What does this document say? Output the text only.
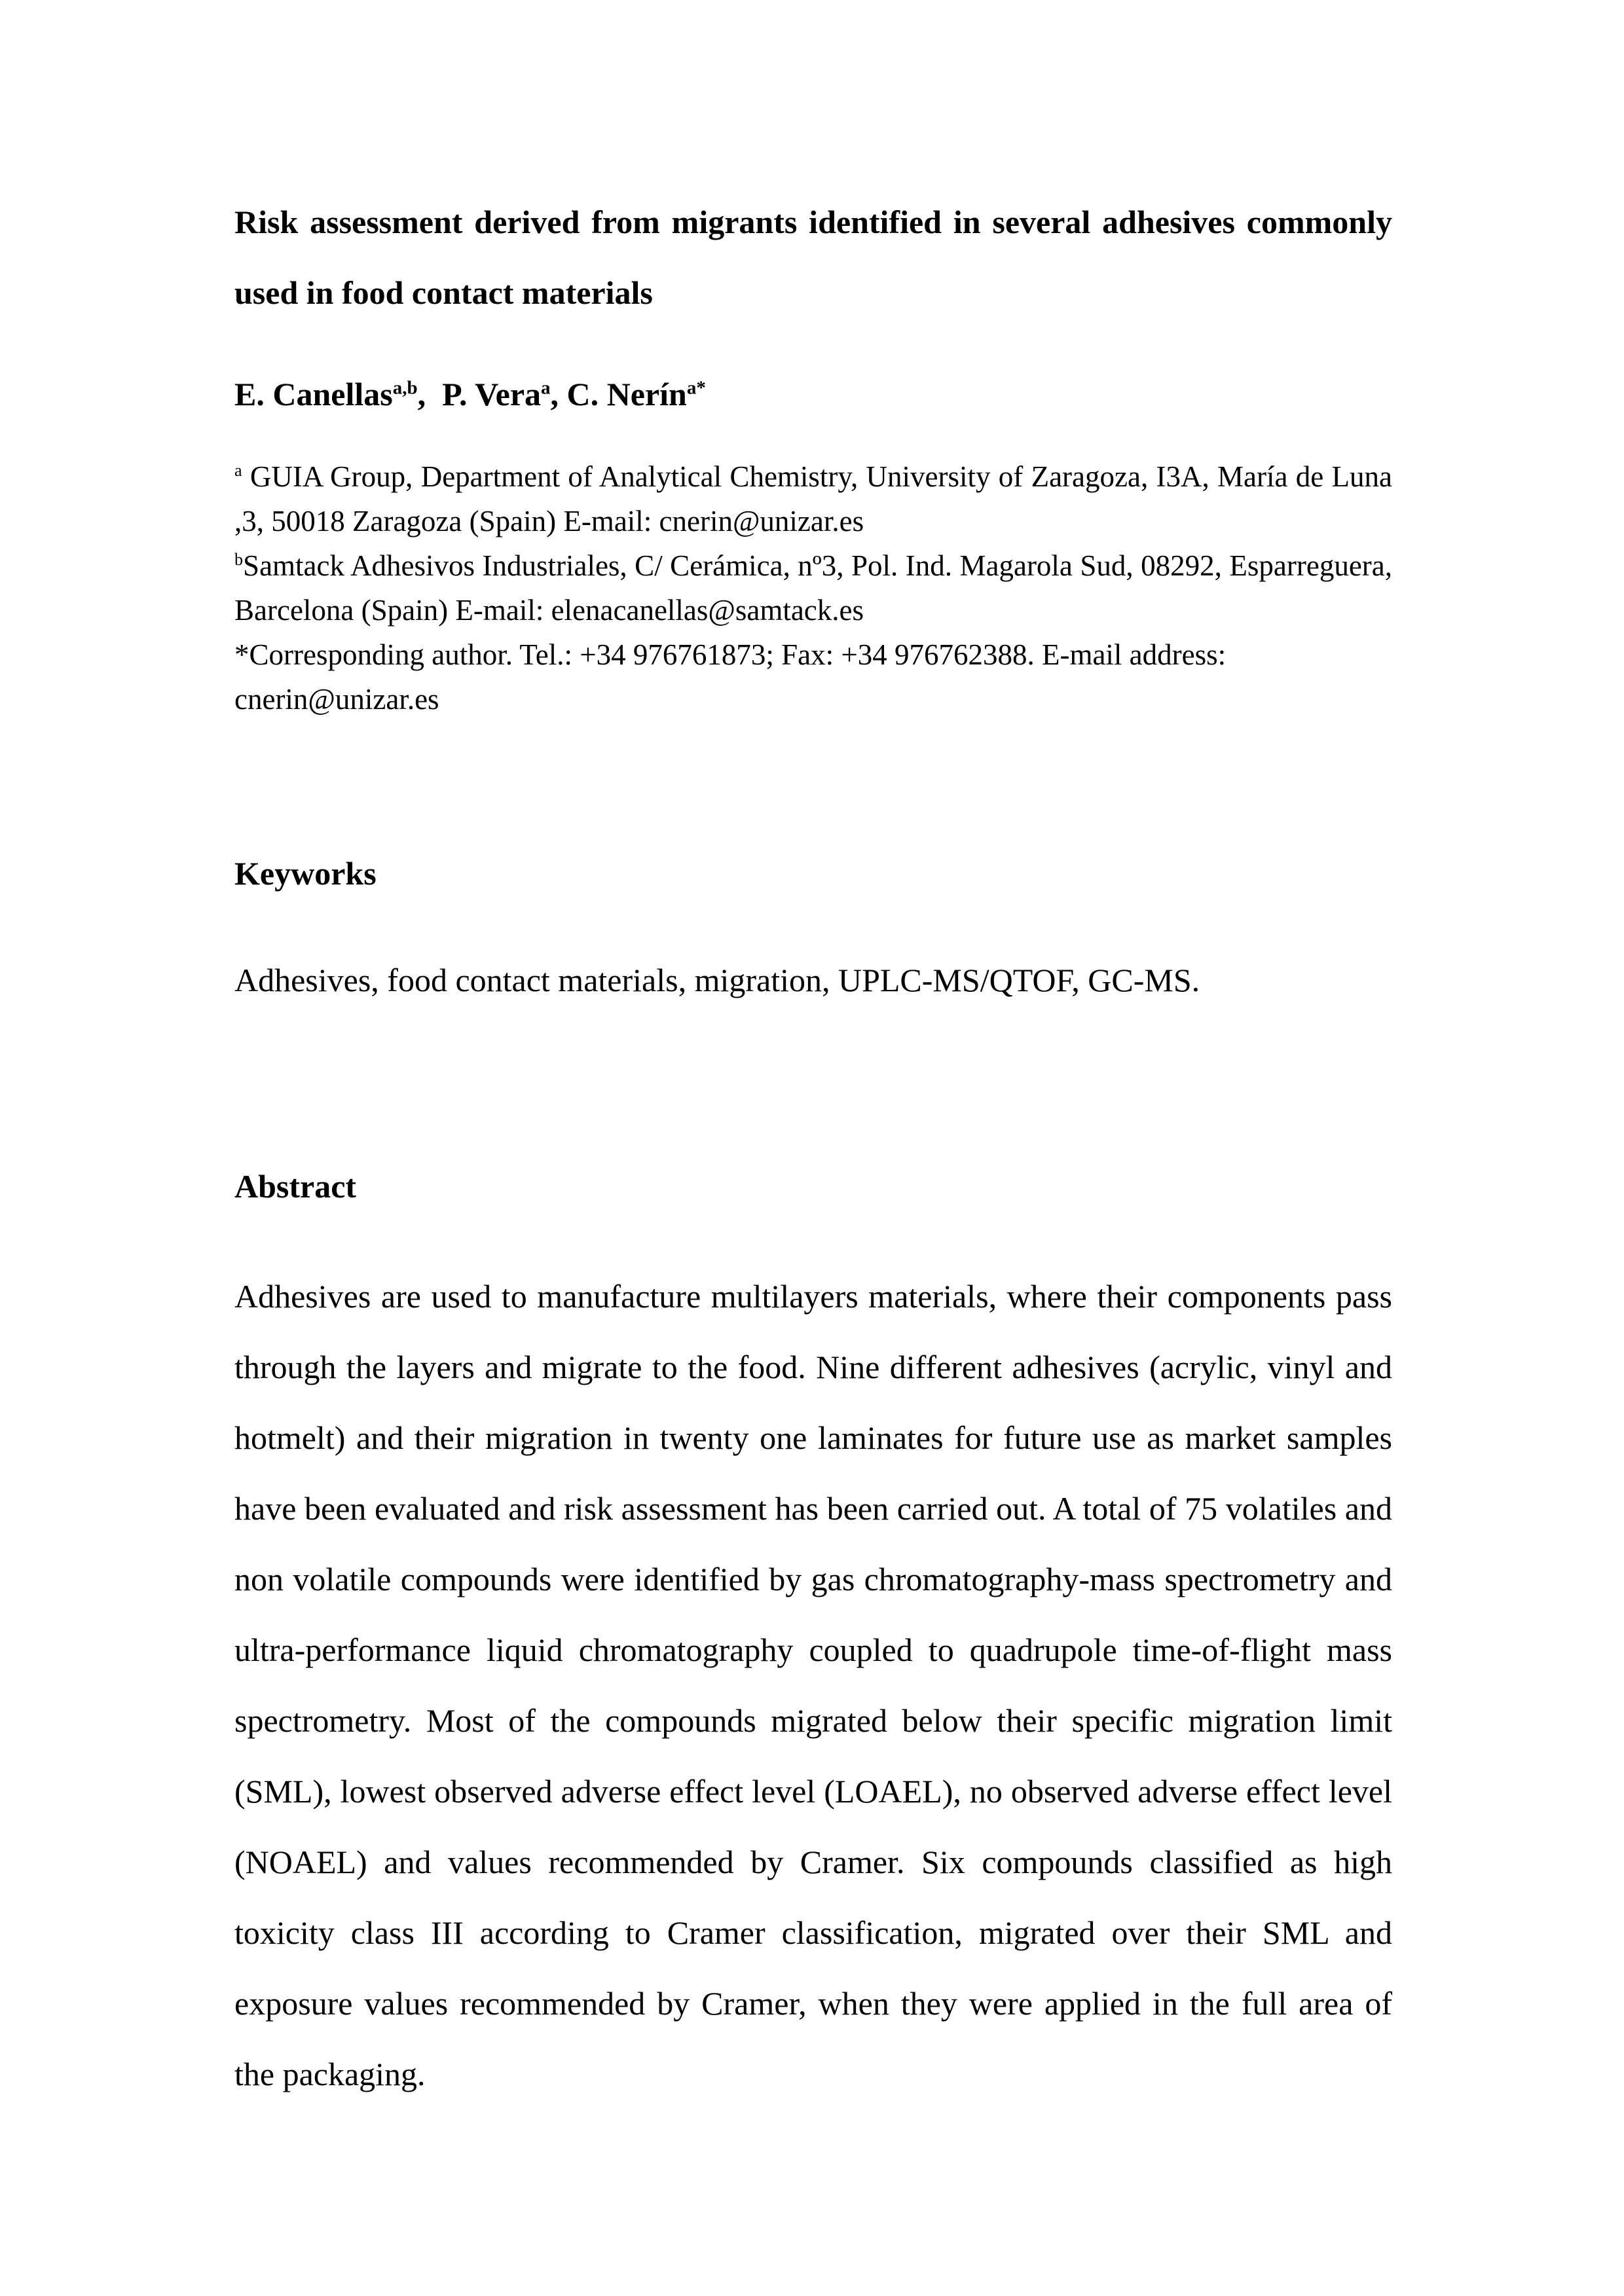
Risk assessment derived from migrants identified in several adhesives commonly
used in food contact materials

E. Canellas$^{a,b}$,  P. Vera$^a$, C. Nerín$^{a*}$

$^a$ GUIA Group, Department of Analytical Chemistry, University of Zaragoza, I3A, María de Luna ,3, 50018 Zaragoza (Spain) E-mail: cnerin@unizar.es

$^b$Samtack Adhesivos Industriales, C/ Cerámica, nº3, Pol. Ind. Magarola Sud, 08292, Esparreguera, Barcelona (Spain) E-mail: elenacanellas@samtack.es

*Corresponding author. Tel.: +34 976761873; Fax: +34 976762388. E-mail address: cnerin@unizar.es

Keyworks

Adhesives, food contact materials, migration, UPLC-MS/QTOF, GC-MS.

Abstract

Adhesives are used to manufacture multilayers materials, where their components pass through the layers and migrate to the food. Nine different adhesives (acrylic, vinyl and hotmelt) and their migration in twenty one laminates for future use as market samples have been evaluated and risk assessment has been carried out. A total of 75 volatiles and non volatile compounds were identified by gas chromatography-mass spectrometry and ultra-performance liquid chromatography coupled to quadrupole time-of-flight mass spectrometry. Most of the compounds migrated below their specific migration limit (SML), lowest observed adverse effect level (LOAEL), no observed adverse effect level (NOAEL) and values recommended by Cramer. Six compounds classified as high toxicity class III according to Cramer classification, migrated over their SML and exposure values recommended by Cramer, when they were applied in the full area of the packaging.
